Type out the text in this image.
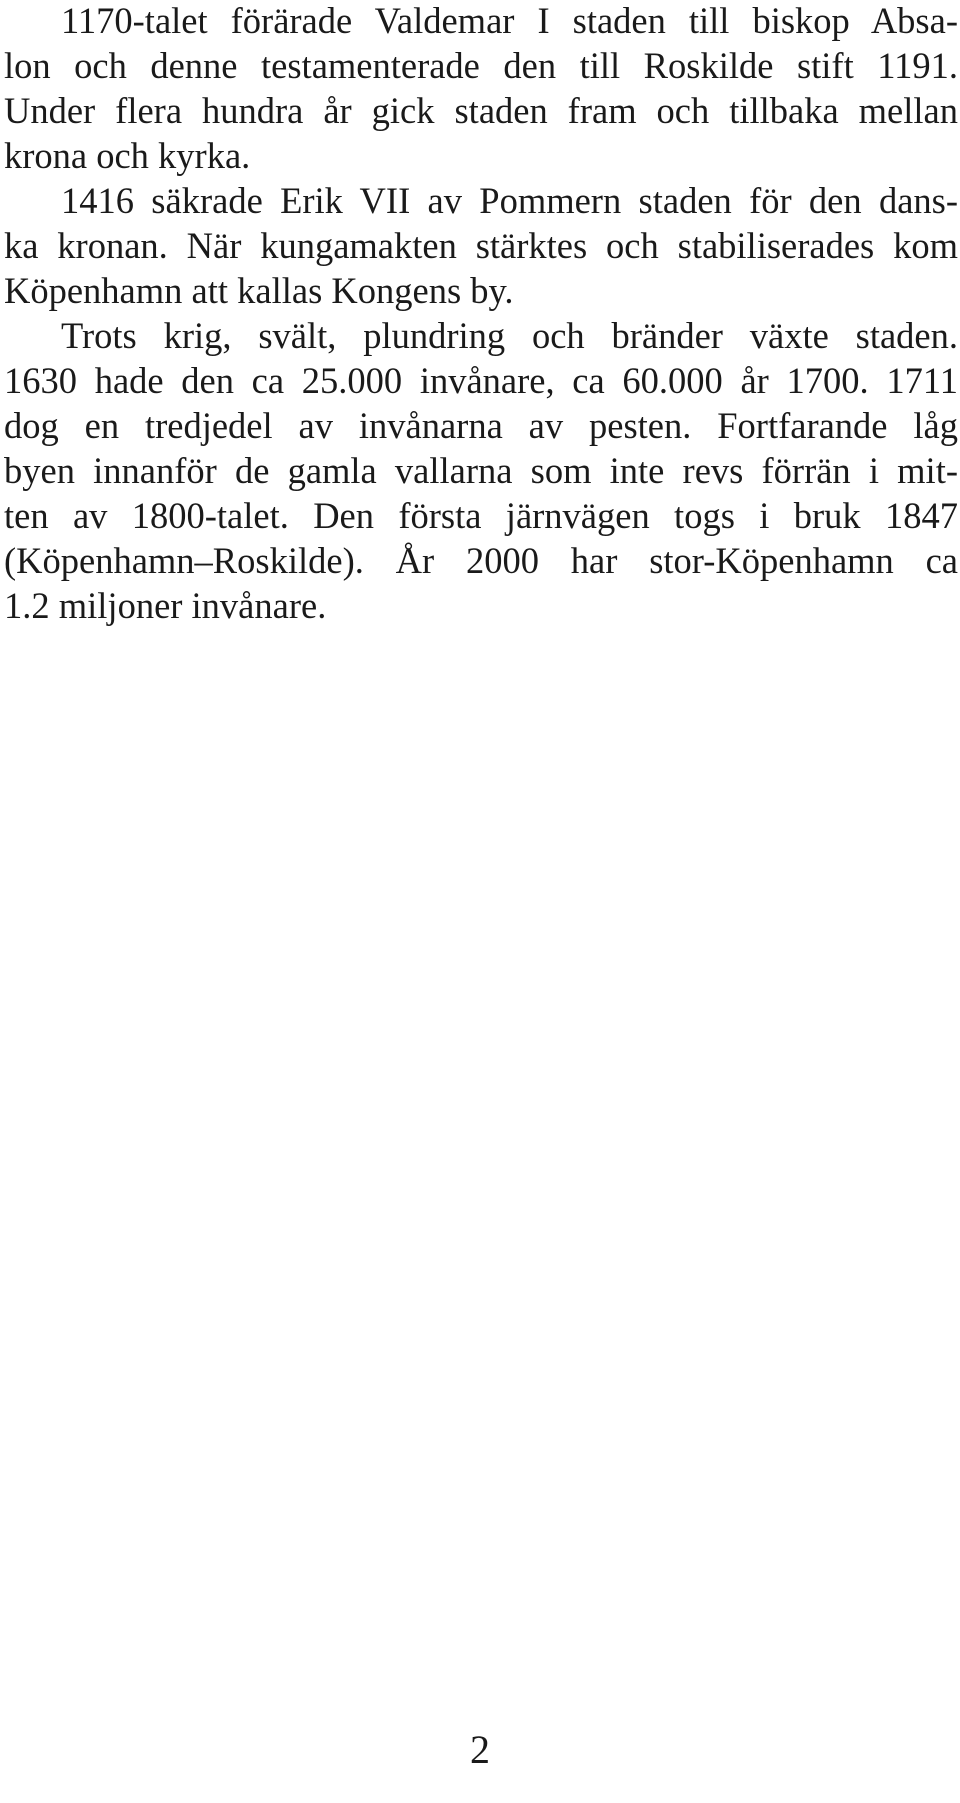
1170-talet förärade Valdemar I staden till biskop Absa-
lon och denne testamenterade den till Roskilde stift 1191.
Under flera hundra år gick staden fram och tillbaka mellan
krona och kyrka.
1416 säkrade Erik VII av Pommern staden för den dans-
ka kronan. När kungamakten stärktes och stabiliserades kom
Köpenhamn att kallas Kongens by.
Trots krig, svält, plundring och bränder växte staden.
1630 hade den ca 25.000 invånare, ca 60.000 år 1700. 1711
dog en tredjedel av invånarna av pesten. Fortfarande låg
byen innanför de gamla vallarna som inte revs förrän i mit-
ten av 1800-talet. Den första järnvägen togs i bruk 1847
(Köpenhamn–Roskilde). År 2000 har stor-Köpenhamn ca
1.2 miljoner invånare.
2
